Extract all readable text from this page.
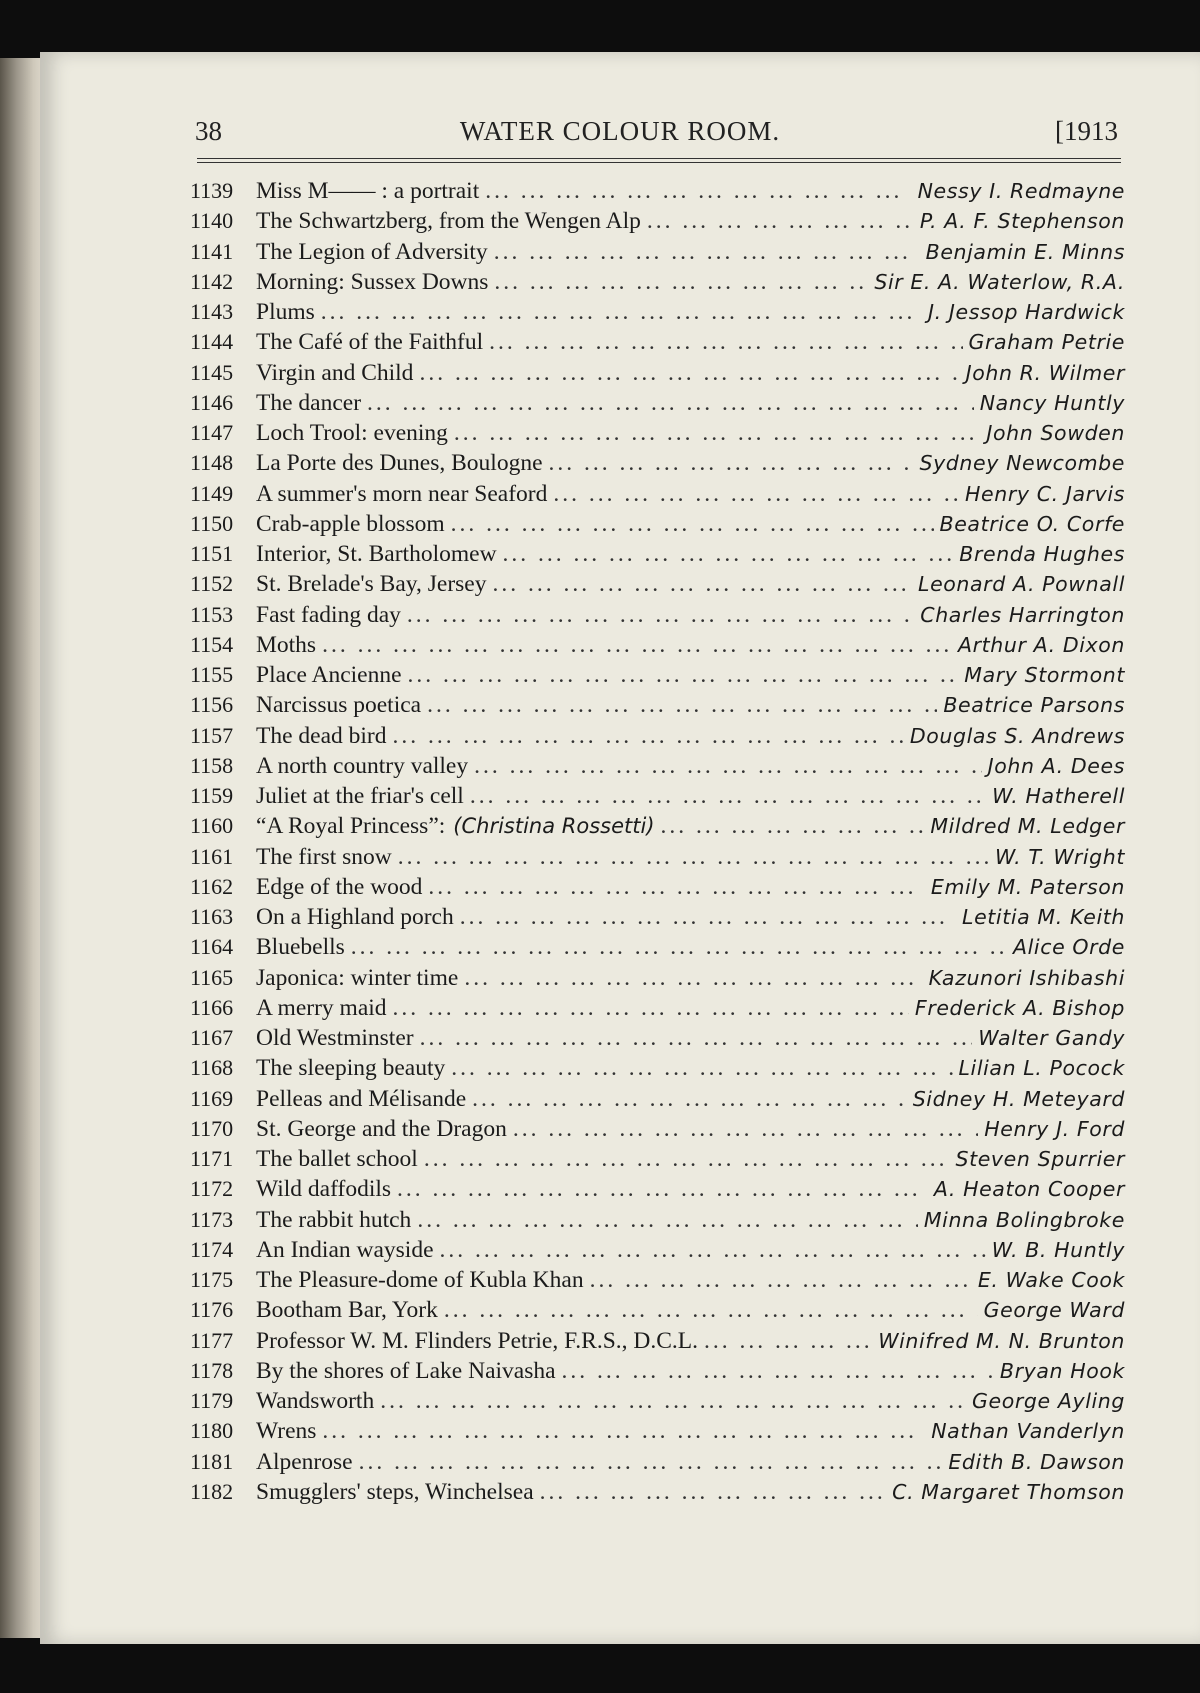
38	WATER COLOUR ROOM.	[1913
1139 Miss M—— : a portrait ... .	Nessy I. Redmayne
1140 The Schwartzberg, from the Wengen Alp ... .	P. A. F. Stephenson
1141 The Legion of Adversity ... .	Benjamin E. Minns
1142 Morning: Sussex Downs ... .	Sir E. A. Waterlow, R.A.
1143 Plums ... .	J. Jessop Hardwick
1144 The Café of the Faithful ... .	Graham Petrie
1145 Virgin and Child ... .	John R. Wilmer
1146 The dancer ... .	Nancy Huntly
1147 Loch Trool: evening ... .	John Sowden
1148 La Porte des Dunes, Boulogne ... .	Sydney Newcombe
1149 A summer's morn near Seaford ... .	Henry C. Jarvis
1150 Crab-apple blossom ... .	Beatrice O. Corfe
1151 Interior, St. Bartholomew ... .	Brenda Hughes
1152 St. Brelade's Bay, Jersey ... .	Leonard A. Pownall
1153 Fast fading day ... .	Charles Harrington
1154 Moths ... .	Arthur A. Dixon
1155 Place Ancienne ... .	Mary Stormont
1156 Narcissus poetica ... .	Beatrice Parsons
1157 The dead bird ... .	Douglas S. Andrews
1158 A north country valley ... .	John A. Dees
1159 Juliet at the friar's cell ... .	W. Hatherell
1160 “A Royal Princess”: (Christina Rossetti) ... .	Mildred M. Ledger
1161 The first snow ... .	W. T. Wright
1162 Edge of the wood ... .	Emily M. Paterson
1163 On a Highland porch ... .	Letitia M. Keith
1164 Bluebells ... .	Alice Orde
1165 Japonica: winter time ... .	Kazunori Ishibashi
1166 A merry maid ... .	Frederick A. Bishop
1167 Old Westminster ... .	Walter Gandy
1168 The sleeping beauty ... .	Lilian L. Pocock
1169 Pelleas and Mélisande ... .	Sidney H. Meteyard
1170 St. George and the Dragon ... .	Henry J. Ford
1171 The ballet school ... .	Steven Spurrier
1172 Wild daffodils ... .	A. Heaton Cooper
1173 The rabbit hutch ... .	Minna Bolingbroke
1174 An Indian wayside ... .	W. B. Huntly
1175 The Pleasure-dome of Kubla Khan ... .	E. Wake Cook
1176 Bootham Bar, York ... .	George Ward
1177 Professor W. M. Flinders Petrie, F.R.S., D.C.L. ... .	Winifred M. N. Brunton
1178 By the shores of Lake Naivasha ... .	Bryan Hook
1179 Wandsworth ... .	George Ayling
1180 Wrens ... .	Nathan Vanderlyn
1181 Alpenrose ... .	Edith B. Dawson
1182 Smugglers' steps, Winchelsea ... .	C. Margaret Thomson
